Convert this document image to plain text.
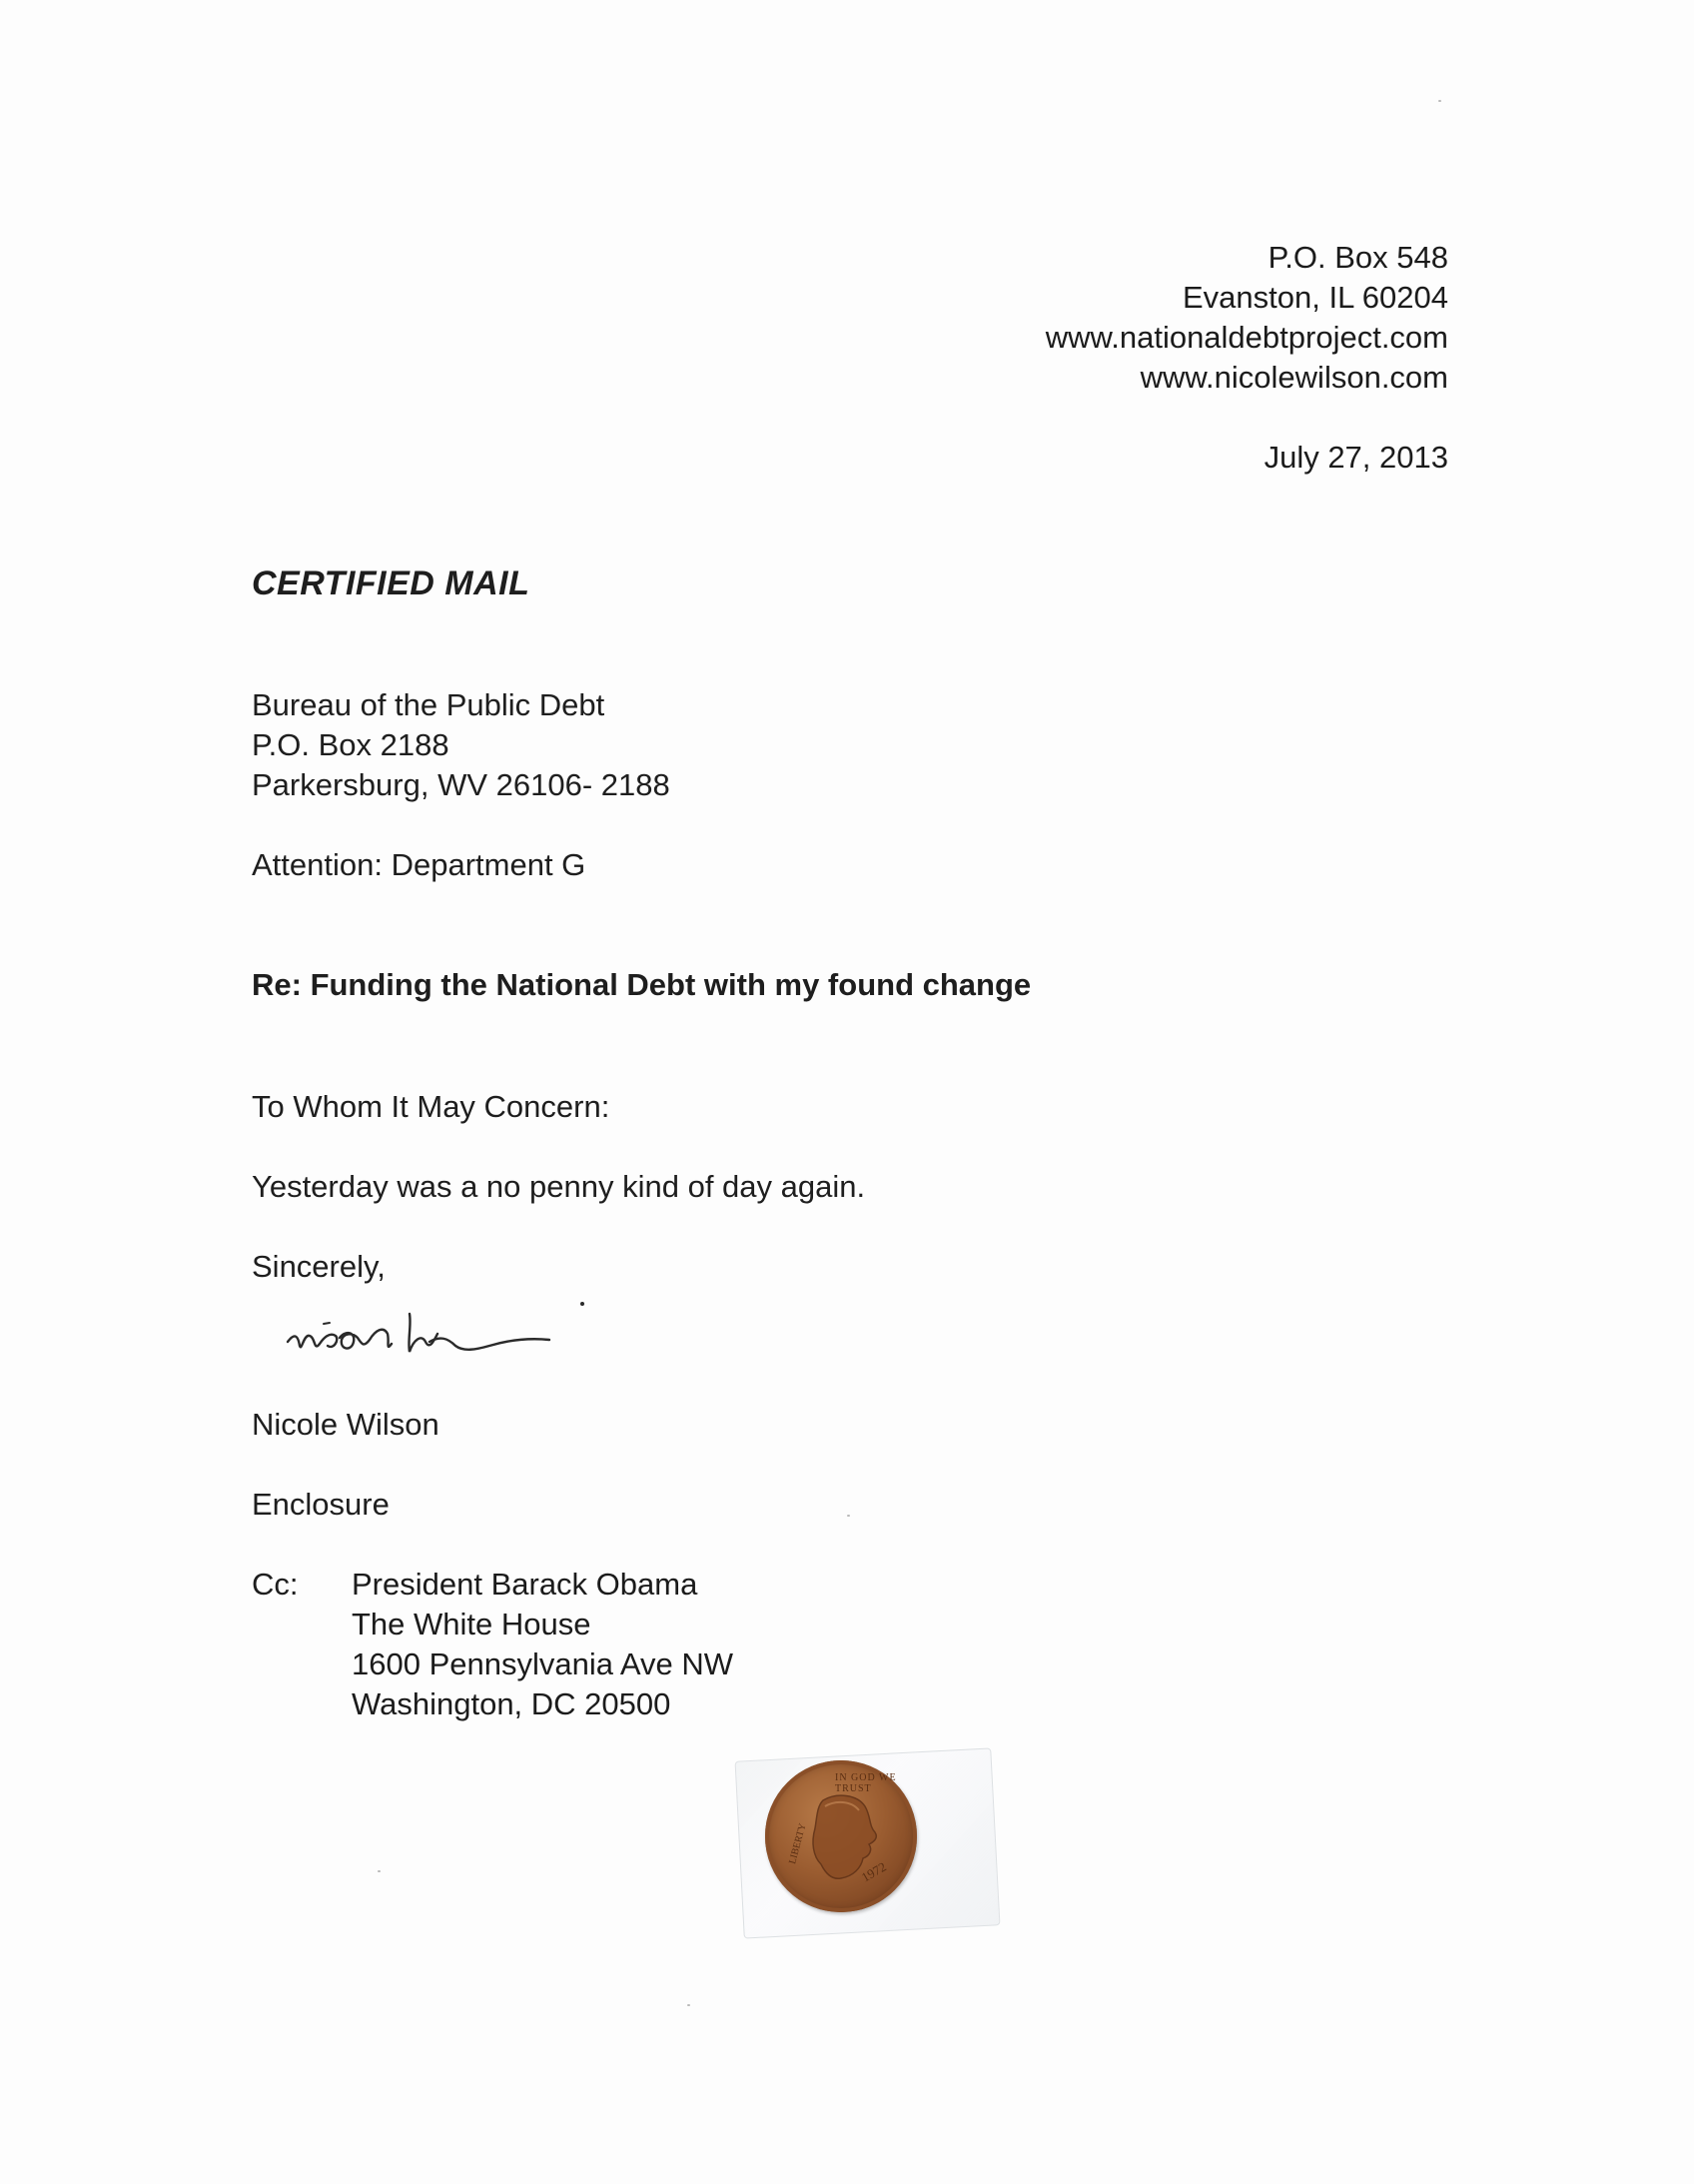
P.O. Box 548
Evanston, IL 60204
www.nationaldebtproject.com
www.nicolewilson.com
July 27, 2013
CERTIFIED MAIL
Bureau of the Public Debt
P.O. Box 2188
Parkersburg, WV 26106- 2188
Attention: Department G
Re: Funding the National Debt with my found change
To Whom It May Concern:
Yesterday was a no penny kind of day again.
Sincerely,
Nicole Wilson
Enclosure
Cc: President Barack Obama
The White House
1600 Pennsylvania Ave NW
Washington, DC 20500
IN GOD WE TRUST
LIBERTY
1972
